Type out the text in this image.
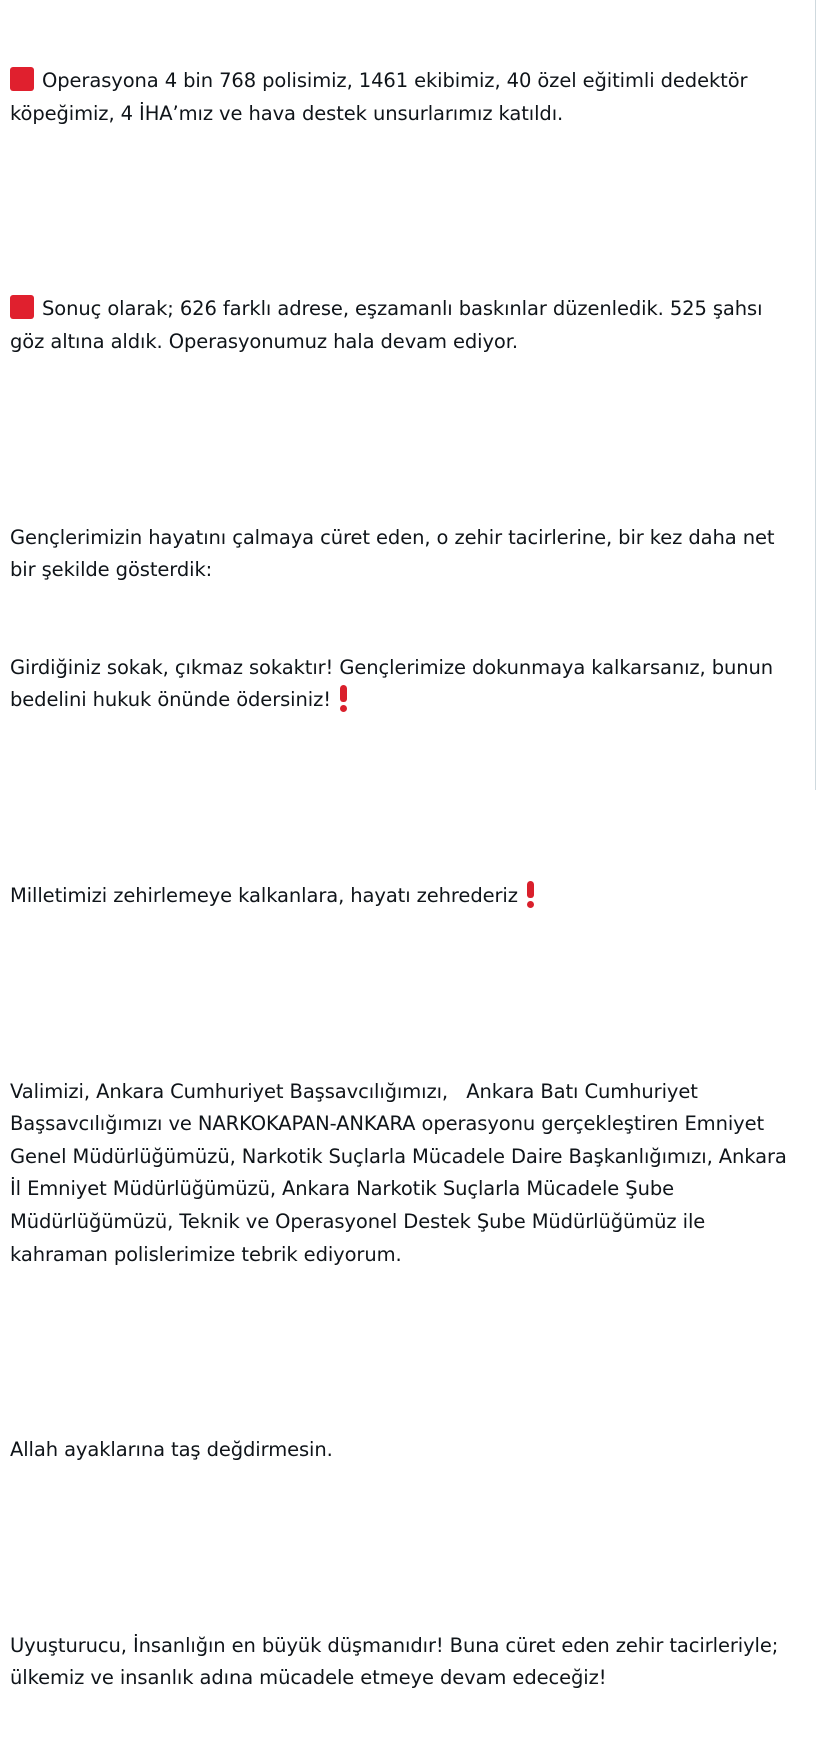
Operasyona 4 bin 768 polisimiz, 1461 ekibimiz, 40 özel eğitimli dedektör köpeğimiz, 4 İHA’mız ve hava destek unsurlarımız katıldı.

Sonuç olarak; 626 farklı adrese, eşzamanlı baskınlar düzenledik. 525 şahsı göz altına aldık. Operasyonumuz hala devam ediyor.

Gençlerimizin hayatını çalmaya cüret eden, o zehir tacirlerine, bir kez daha net bir şekilde gösterdik:

Girdiğiniz sokak, çıkmaz sokaktır! Gençlerimize dokunmaya kalkarsanız, bunun bedelini hukuk önünde ödersiniz!

Milletimizi zehirlemeye kalkanlara, hayatı zehrederiz

Valimizi, Ankara Cumhuriyet Başsavcılığımızı,   Ankara Batı Cumhuriyet Başsavcılığımızı ve NARKOKAPAN-ANKARA operasyonu gerçekleştiren Emniyet Genel Müdürlüğümüzü, Narkotik Suçlarla Mücadele Daire Başkanlığımızı, Ankara İl Emniyet Müdürlüğümüzü, Ankara Narkotik Suçlarla Mücadele Şube Müdürlüğümüzü, Teknik ve Operasyonel Destek Şube Müdürlüğümüz ile kahraman polislerimize tebrik ediyorum.

Allah ayaklarına taş değdirmesin.

Uyuşturucu, İnsanlığın en büyük düşmanıdır! Buna cüret eden zehir tacirleriyle; ülkemiz ve insanlık adına mücadele etmeye devam edeceğiz!
